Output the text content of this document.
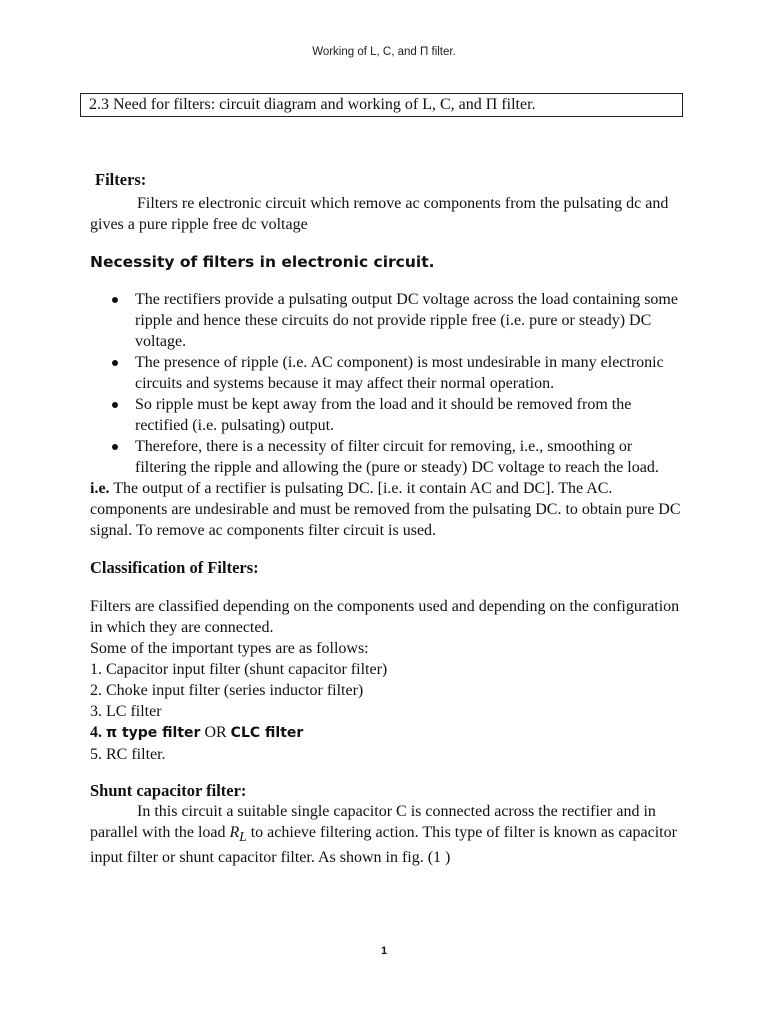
Working of L, C, and Π filter.
2.3 Need for filters: circuit diagram and working of L, C, and Π filter.
Filters:

Filters re electronic circuit which remove ac components from the pulsating dc and gives a pure ripple free dc voltage

Necessity of filters in electronic circuit.
The rectifiers provide a pulsating output DC voltage across the load containing some ripple and hence these circuits do not provide ripple free (i.e. pure or steady) DC voltage.
The presence of ripple (i.e. AC component) is most undesirable in many electronic circuits and systems because it may affect their normal operation.
So ripple must be kept away from the load and it should be removed from the rectified (i.e. pulsating) output.
Therefore, there is a necessity of filter circuit for removing, i.e., smoothing or filtering the ripple and allowing the (pure or steady) DC voltage to reach the load.

i.e. The output of a rectifier is pulsating DC. [i.e. it contain AC and DC]. The AC. components are undesirable and must be removed from the pulsating DC. to obtain pure DC signal. To remove ac components filter circuit is used.

Classification of Filters:

Filters are classified depending on the components used and depending on the configuration in which they are connected.

Some of the important types are as follows:

1. Capacitor input filter (shunt capacitor filter)

2. Choke input filter (series inductor filter)

3. LC filter

4. π type filter OR CLC filter

5. RC filter.

Shunt capacitor filter:

In this circuit a suitable single capacitor C is connected across the rectifier and in parallel with the load $R_L$ to achieve filtering action. This type of filter is known as capacitor input filter or shunt capacitor filter. As shown in fig. (1 )

1
